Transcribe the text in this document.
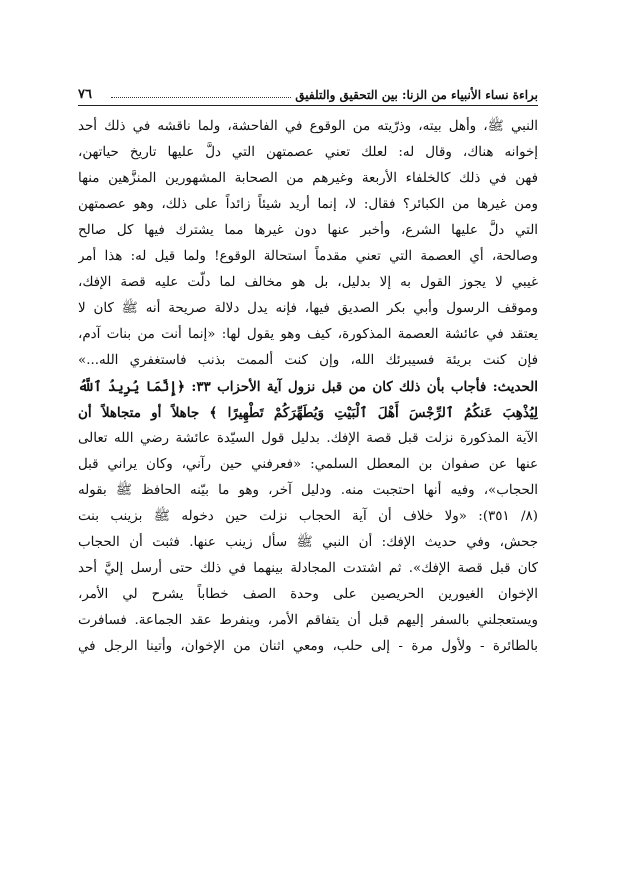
براءة نساء الأنبياء من الزنا: بين التحقيق والتلفيق
٧٦
النبي ﷺ، وأهل بيته، وذرّيته من الوقوع في الفاحشة، ولما ناقشه في ذلك أحد
إخوانه هناك، وقال له: لعلك تعني عصمتهن التي دلَّ عليها تاريخ حياتهن،
فهن في ذلك كالخلفاء الأربعة وغيرهم من الصحابة المشهورين المنزَّهين منها
ومن غيرها من الكبائر؟ فقال: لا، إنما أريد شيئاً زائداً على ذلك، وهو عصمتهن
التي دلَّ عليها الشرع، وأخبر عنها دون غيرها مما يشترك فيها كل صالح
وصالحة، أي العصمة التي تعني مقدماً استحالة الوقوع! ولما قيل له: هذا أمر
غيبي لا يجوز القول به إلا بدليل، بل هو مخالف لما دلّت عليه قصة الإفك،
وموقف الرسول وأبي بكر الصديق فيها، فإنه يدل دلالة صريحة أنه ﷺ كان لا
يعتقد في عائشة العصمة المذكورة، كيف وهو يقول لها: «إنما أنت من بنات آدم،
فإن كنت بريئة فسيبرئك الله، وإن كنت ألممت بذنب فاستغفري الله...»
الحديث: فأجاب بأن ذلك كان من قبل نزول آية الأحزاب ٣٣: ﴿إِنَّمَا يُرِيدُ ٱللَّهُ
لِيُذْهِبَ عَنكُمُ ٱلرِّجْسَ أَهْلَ ٱلْبَيْتِ وَيُطَهِّرَكُمْ تَطْهِيرًا ﴾ جاهلاً أو متجاهلاً أن
الآية المذكورة نزلت قبل قصة الإفك. بدليل قول السيّدة عائشة رضي الله تعالى
عنها عن صفوان بن المعطل السلمي: «فعرفني حين رآني، وكان يراني قبل
الحجاب»، وفيه أنها احتجبت منه. ودليل آخر، وهو ما بيّنه الحافظ ﷺ بقوله
(٨/ ٣٥١): «ولا خلاف أن آية الحجاب نزلت حين دخوله ﷺ بزينب بنت
جحش، وفي حديث الإفك: أن النبي ﷺ سأل زينب عنها. فثبت أن الحجاب
كان قبل قصة الإفك». ثم اشتدت المجادلة بينهما في ذلك حتى أرسل إليَّ أحد
الإخوان الغيورين الحريصين على وحدة الصف خطاباً يشرح لي الأمر،
ويستعجلني بالسفر إليهم قبل أن يتفاقم الأمر، وينفرط عقد الجماعة. فسافرت
بالطائرة - ولأول مرة - إلى حلب، ومعي اثنان من الإخوان، وأتينا الرجل في
